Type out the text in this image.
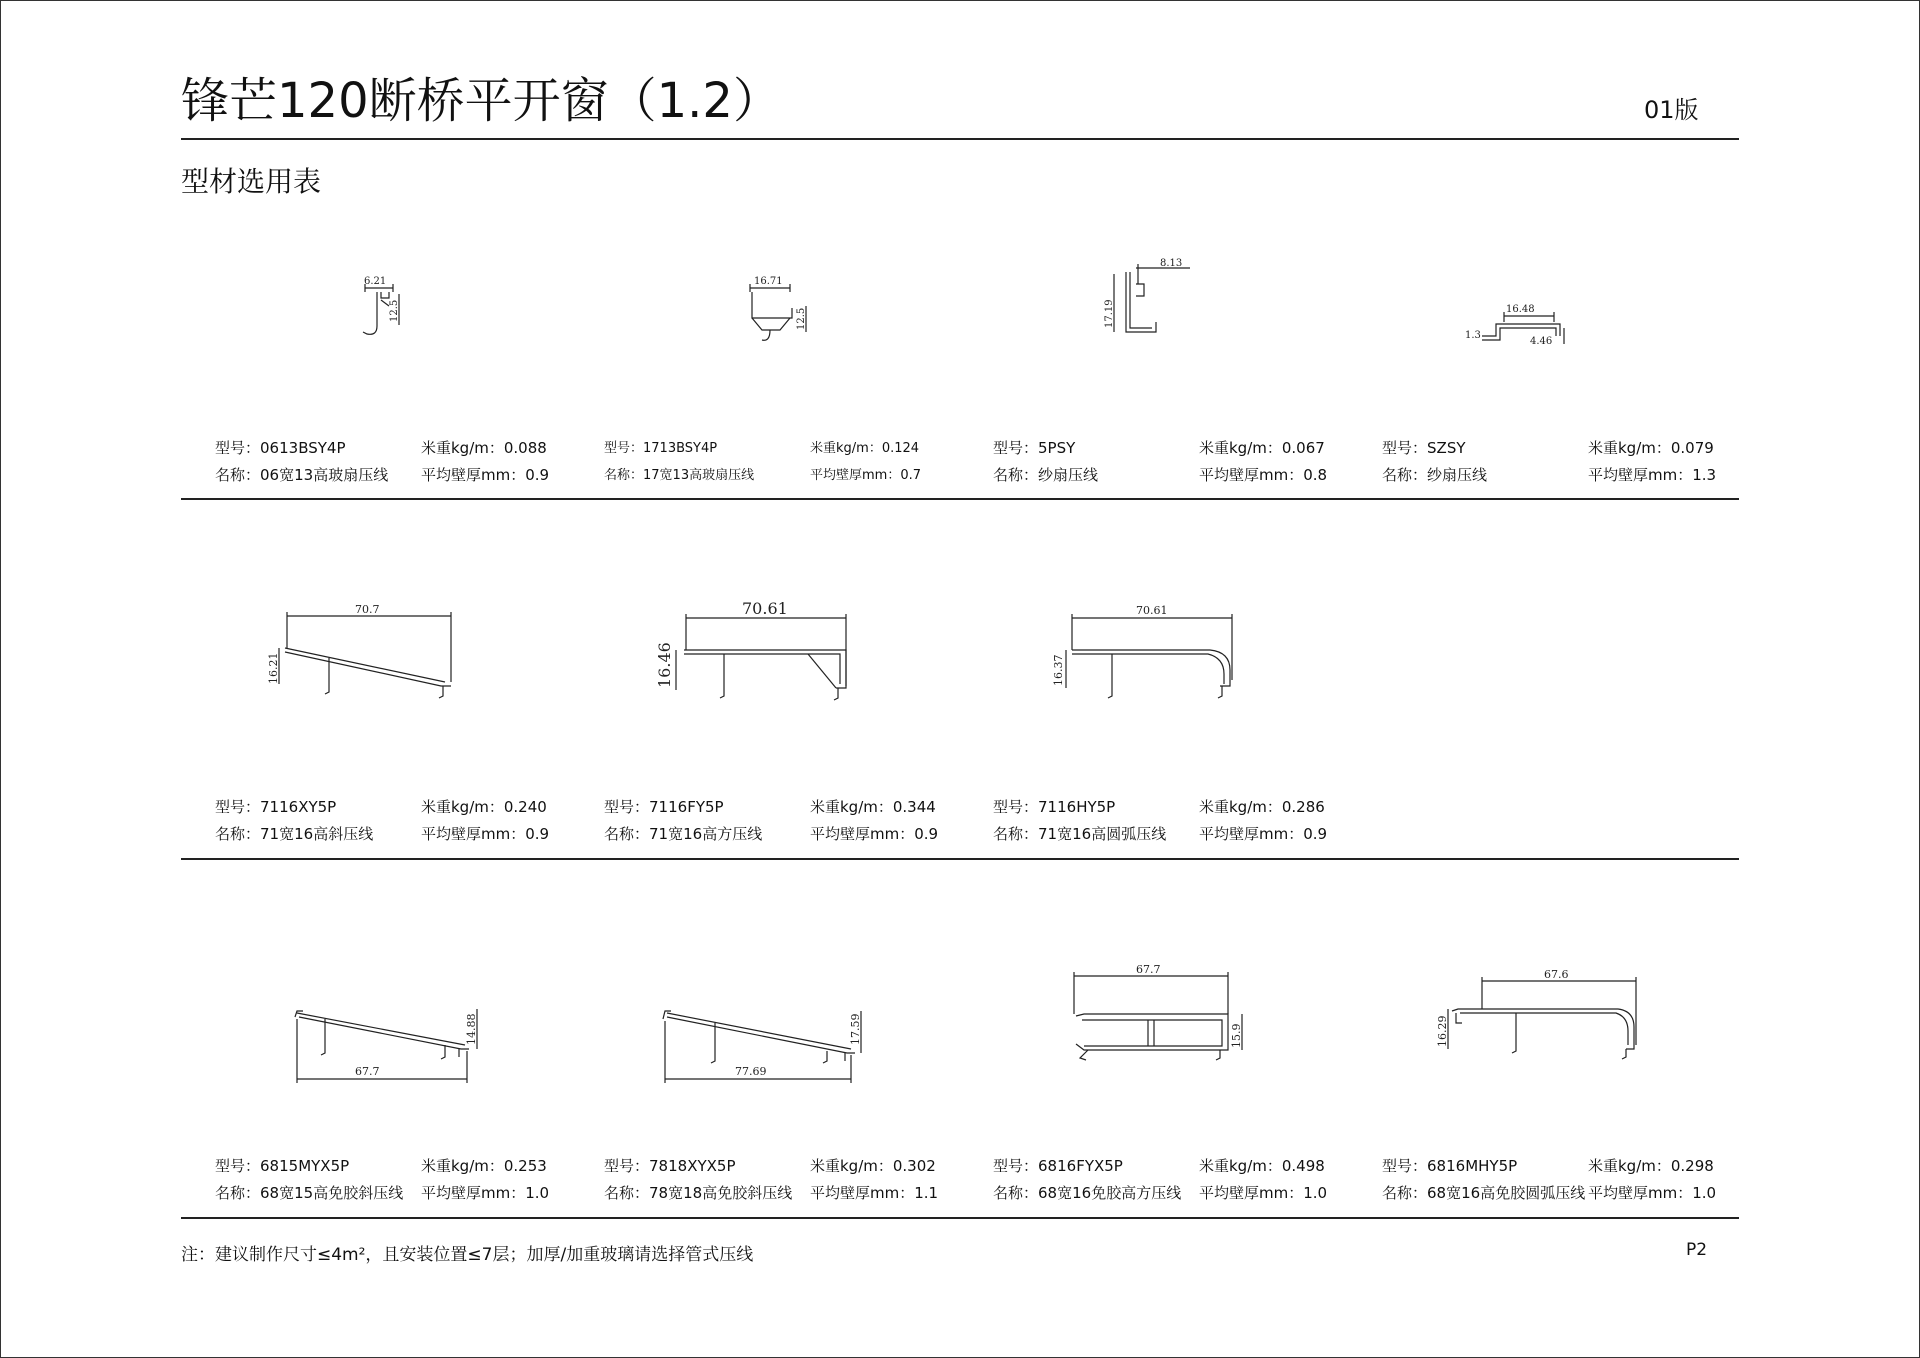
锋芒120断桥平开窗（1.2）	01版
型材选用表
6.21
12.5
16.71
12.5
8.13
17.19	16.48
1.3
4.46
型号：0613BSY4P	米重kg/m：0.088
名称：06宽13高玻扇压线 平均壁厚mm：0.9
型号：1713BSY4P	米重kg/m：0.124
名称：17宽13高玻扇压线	平均壁厚mm：0.7
型号：5PSY	米重kg/m：0.067
名称：纱扇压线	平均壁厚mm：0.8
型号：SZSY	米重kg/m：0.079
名称：纱扇压线	平均壁厚mm：1.3
70.7
16.21
70.61
16.46
70.61
16.37
型号：7116XY5P	米重kg/m：0.240
名称：71宽16高斜压线	平均壁厚mm：0.9
型号：7116FY5P	米重kg/m：0.344
名称：71宽16高方压线	平均壁厚mm：0.9
型号：7116HY5P	米重kg/m：0.286
名称：71宽16高圆弧压线 平均壁厚mm：0.9
67.7
14.88
77.69
17.59
67.7
15.9
67.6
16.29
型号：6815MYX5P	米重kg/m：0.253
名称：68宽15高免胶斜压线 平均壁厚mm：1.0
型号：7818XYX5P	米重kg/m：0.302
名称：78宽18高免胶斜压线 平均壁厚mm：1.1
型号：6816FYX5P	米重kg/m：0.498
名称：68宽16免胶高方压线 平均壁厚mm：1.0
型号：6816MHY5P	米重kg/m：0.298
名称：68宽16高免胶圆弧压线 平均壁厚mm：1.0
注：建议制作尺寸≤4m²，且安装位置≤7层；加厚/加重玻璃请选择管式压线	P2
